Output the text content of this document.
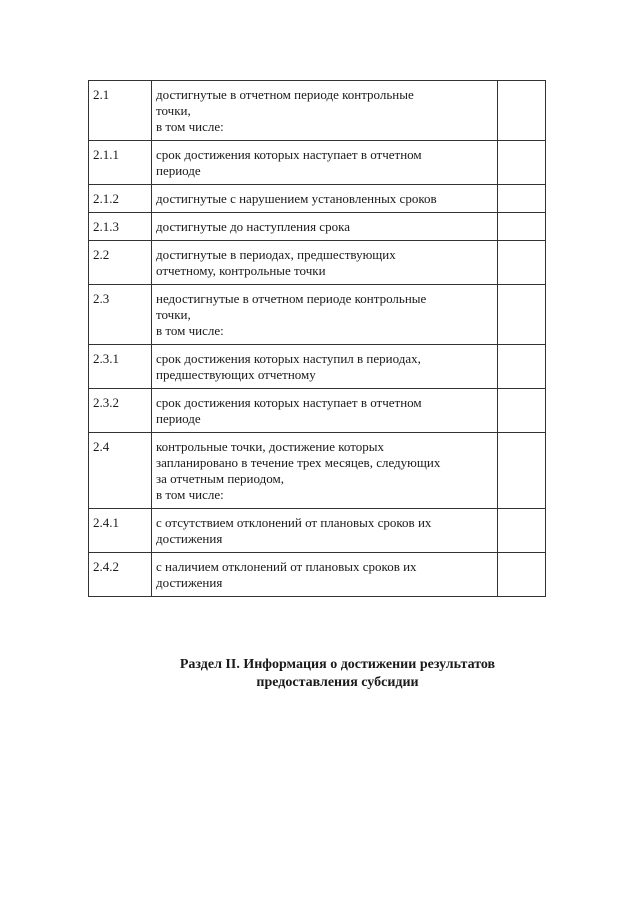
2.1	достигнутые в отчетном периоде контрольные
точки,
в том числе:	
2.1.1	срок достижения которых наступает в отчетном
периоде	
2.1.2	достигнутые с нарушением установленных сроков	
2.1.3	достигнутые до наступления срока	
2.2	достигнутые в периодах, предшествующих
отчетному, контрольные точки	
2.3	недостигнутые в отчетном периоде контрольные
точки,
в том числе:	
2.3.1	срок достижения которых наступил в периодах,
предшествующих отчетному	
2.3.2	срок достижения которых наступает в отчетном
периоде	
2.4	контрольные точки, достижение которых
запланировано в течение трех месяцев, следующих
за отчетным периодом,
в том числе:	
2.4.1	с отсутствием отклонений от плановых сроков их
достижения	
2.4.2	с наличием отклонений от плановых сроков их
достижения	
Раздел II. Информация о достижении результатов
предоставления субсидии
